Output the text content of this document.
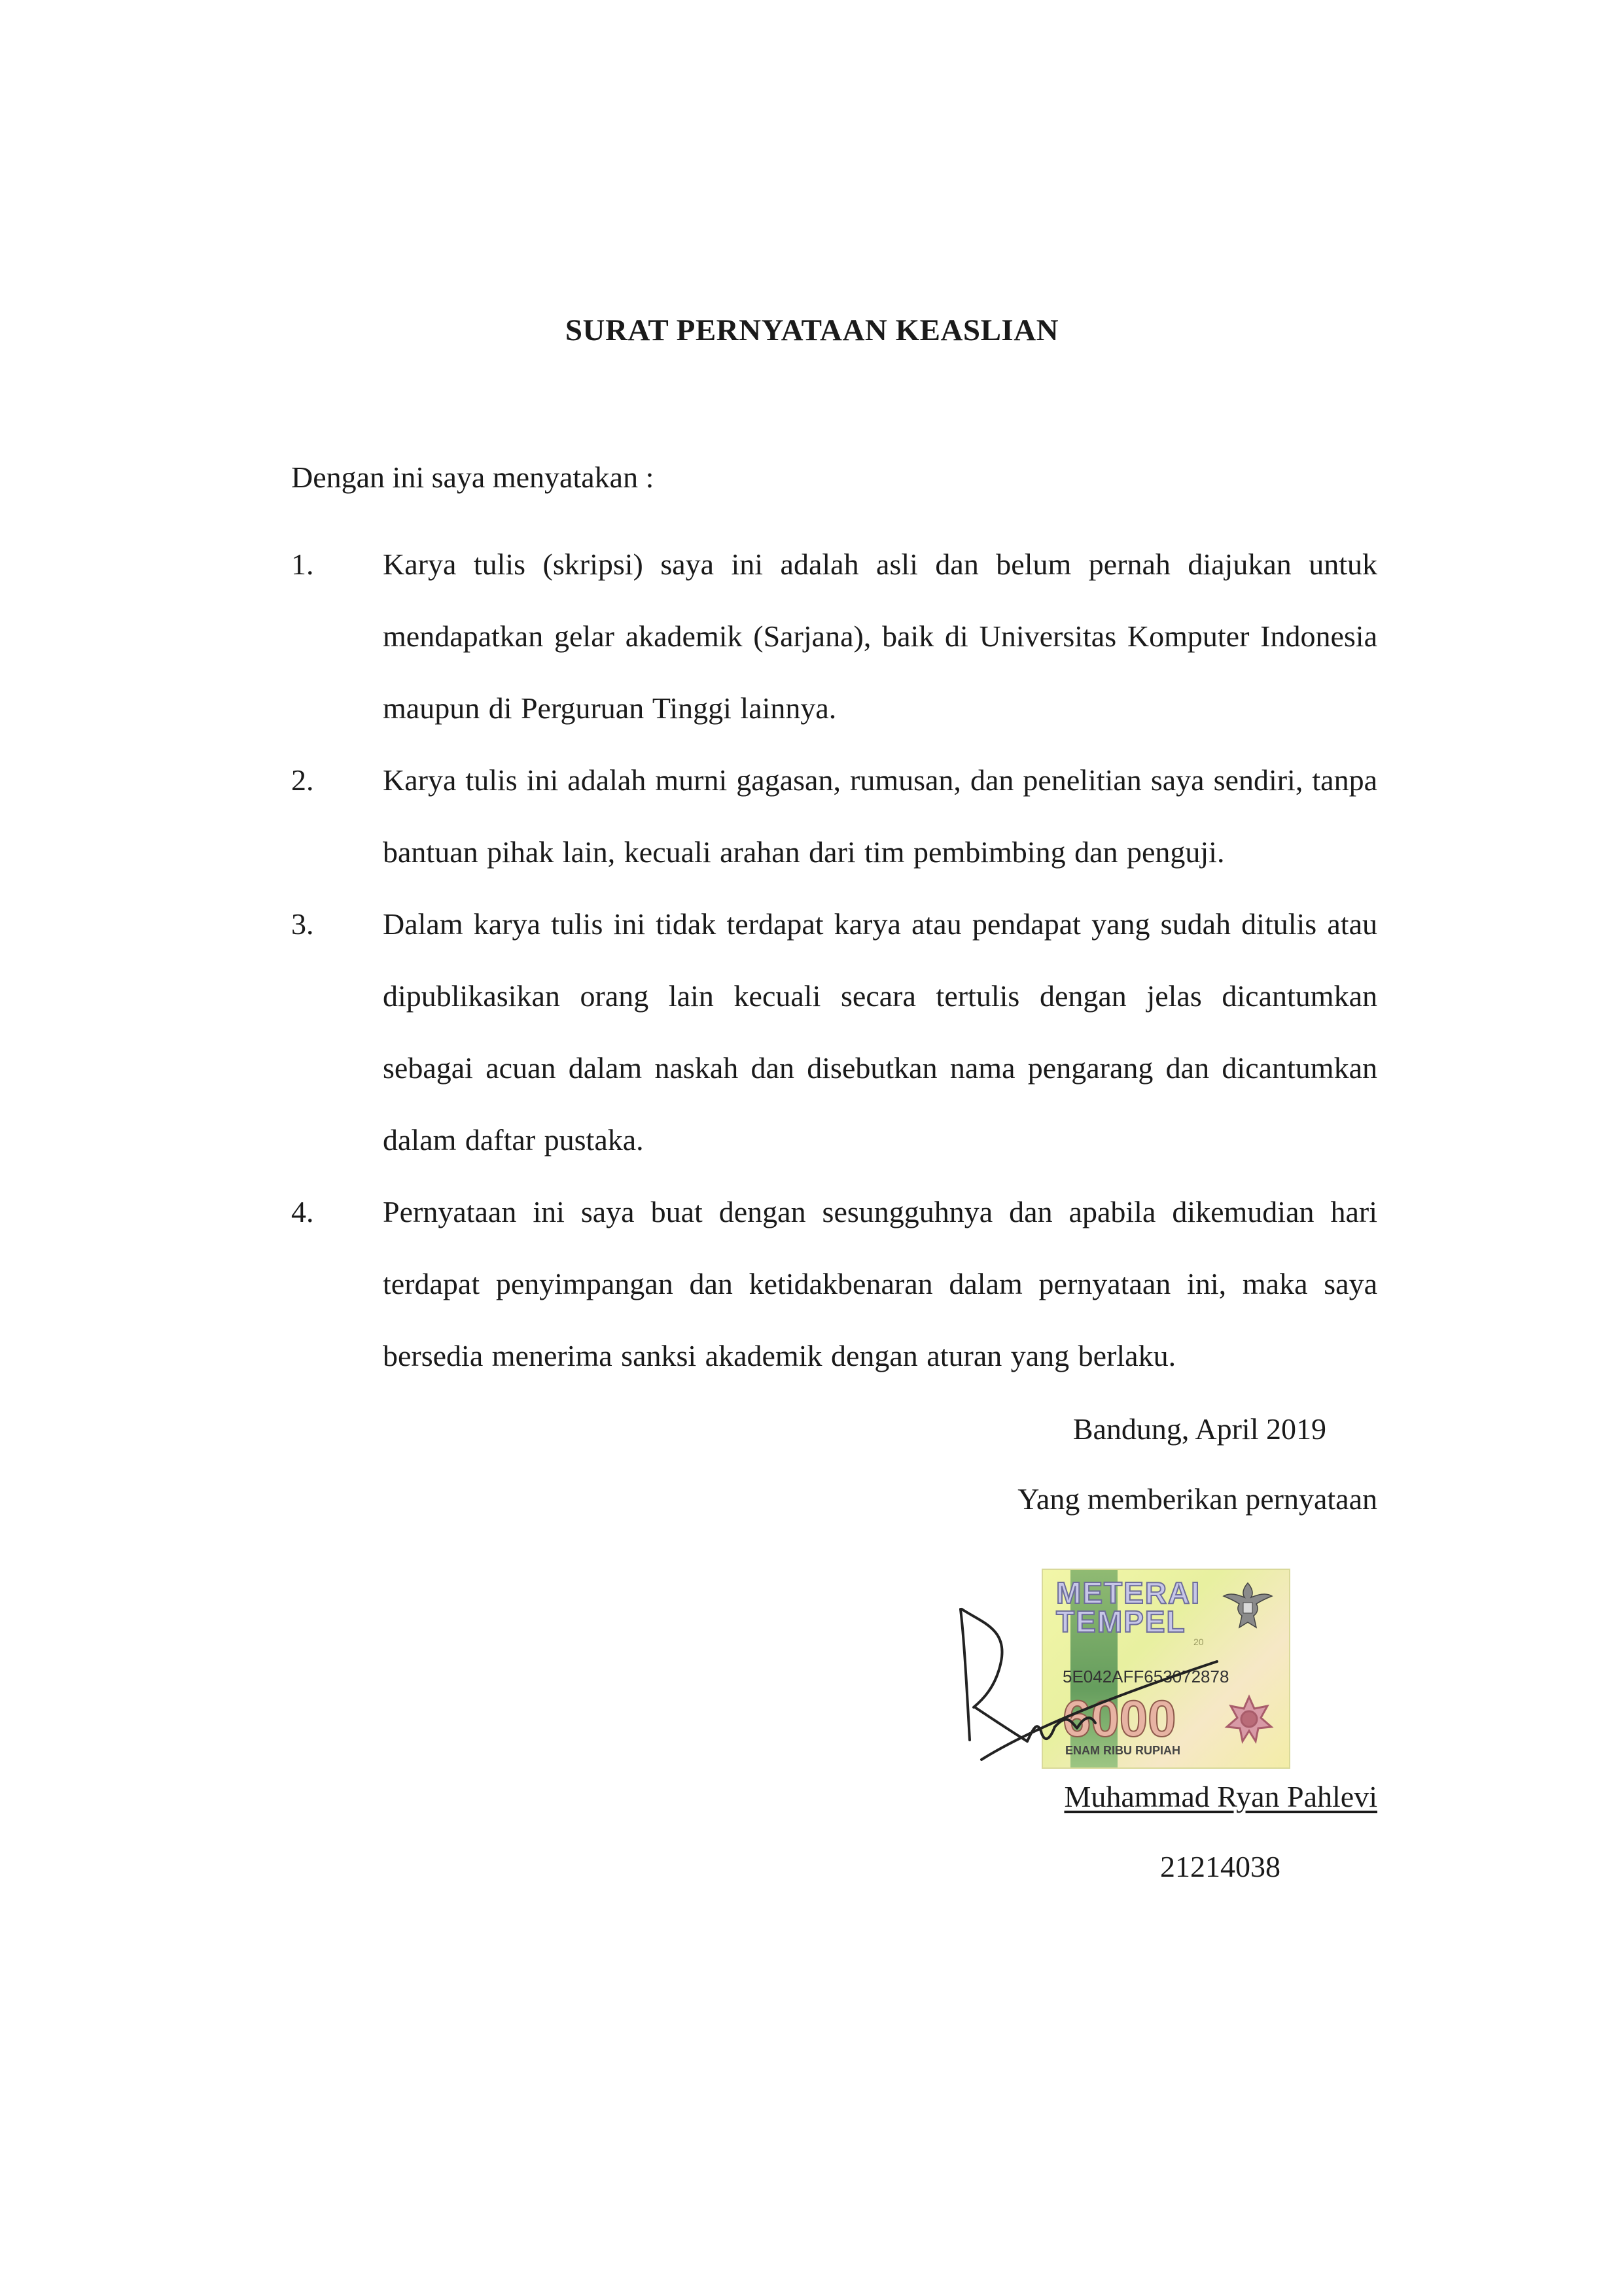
SURAT PERNYATAAN KEASLIAN
Dengan ini saya menyatakan :
1.	Karya tulis (skripsi) saya ini adalah asli dan belum pernah diajukan untuk mendapatkan gelar akademik (Sarjana), baik di Universitas Komputer Indonesia maupun di Perguruan Tinggi lainnya.
2.	Karya tulis ini adalah murni gagasan, rumusan, dan penelitian saya sendiri, tanpa bantuan pihak lain, kecuali arahan dari tim pembimbing dan penguji.
3.	Dalam karya tulis ini tidak terdapat karya atau pendapat yang sudah ditulis atau dipublikasikan orang lain kecuali secara tertulis dengan jelas dicantumkan sebagai acuan dalam naskah dan disebutkan nama pengarang dan dicantumkan dalam daftar pustaka.
4.	Pernyataan ini saya buat dengan sesungguhnya dan apabila dikemudian hari terdapat penyimpangan dan ketidakbenaran dalam pernyataan ini, maka saya bersedia menerima sanksi akademik dengan aturan yang berlaku.
Bandung, April 2019
Yang memberikan pernyataan
METERAI
TEMPEL
20
5E042AFF653072878
6000
ENAM RIBU RUPIAH
Muhammad Ryan Pahlevi
21214038
